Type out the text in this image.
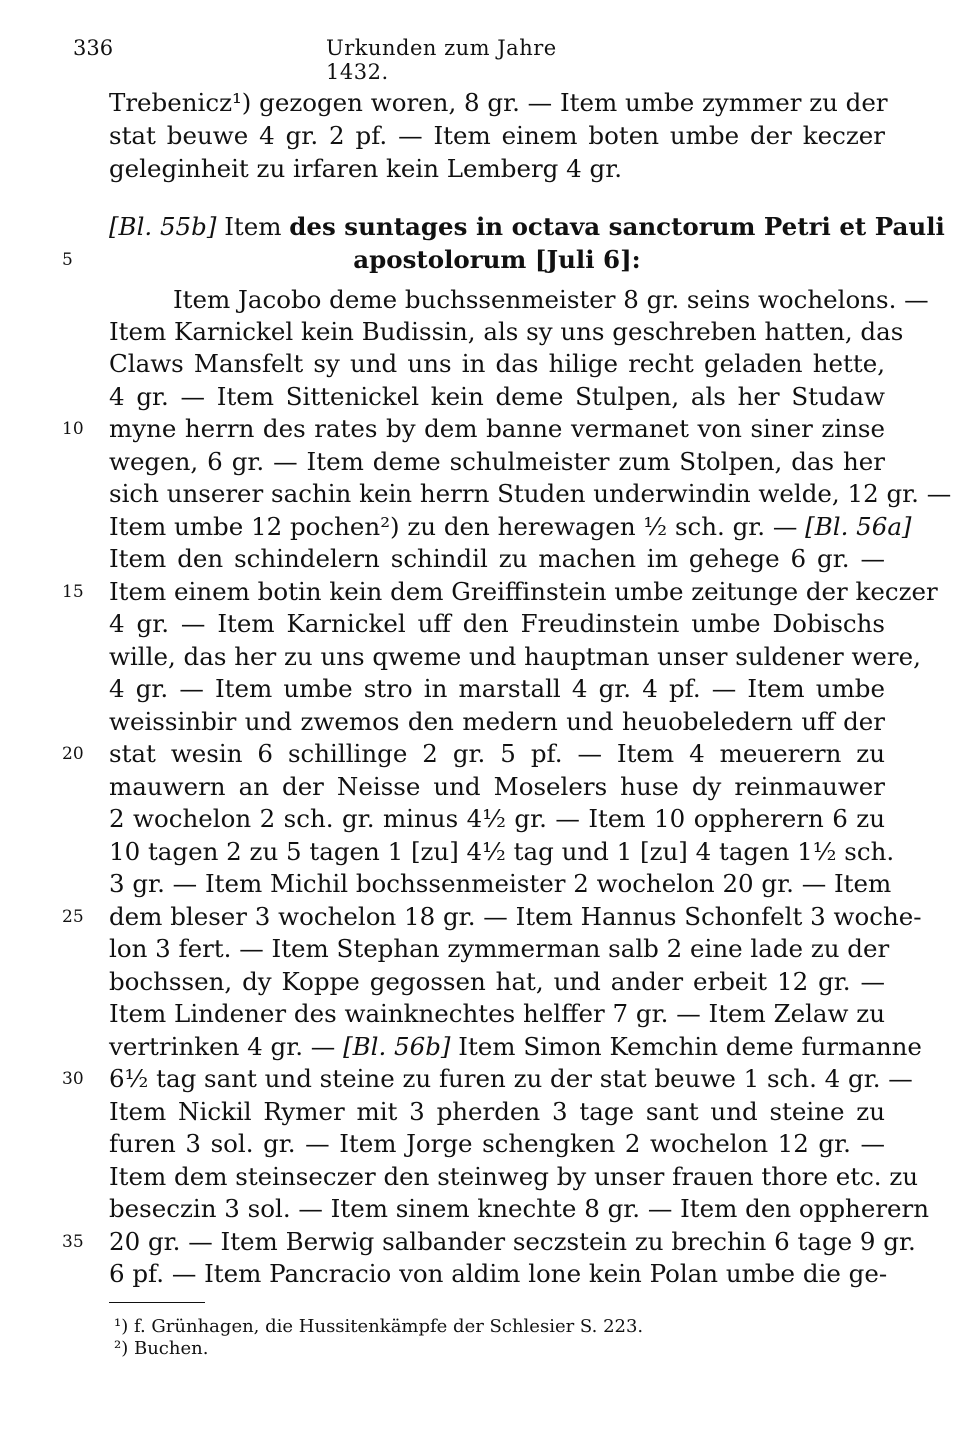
336	Urkunden zum Jahre 1432.
Trebenicz¹) gezogen woren, 8 gr. — Item umbe zymmer zu der
stat beuwe 4 gr. 2 pf. — Item einem boten umbe der keczer
geleginheit zu irfaren kein Lemberg 4 gr.
[Bl. 55b] Item des suntages in octava sanctorum Petri et Pauli
apostolorum [Juli 6]:
Item Jacobo deme buchssenmeister 8 gr. seins wochelons. —
Item Karnickel kein Budissin, als sy uns geschreben hatten, das
Claws Mansfelt sy und uns in das hilige recht geladen hette,
4 gr. — Item Sittenickel kein deme Stulpen, als her Studaw
myne herrn des rates by dem banne vermanet von siner zinse
wegen, 6 gr. — Item deme schulmeister zum Stolpen, das her
sich unserer sachin kein herrn Studen underwindin welde, 12 gr. —
Item umbe 12 pochen²) zu den herewagen ½ sch. gr. — [Bl. 56a]
Item den schindelern schindil zu machen im gehege 6 gr. —
Item einem botin kein dem Greiffinstein umbe zeitunge der keczer
4 gr. — Item Karnickel uff den Freudinstein umbe Dobischs
wille, das her zu uns qweme und hauptman unser suldener were,
4 gr. — Item umbe stro in marstall 4 gr. 4 pf. — Item umbe
weissinbir und zwemos den medern und heuobeledern uff der
stat wesin 6 schillinge 2 gr. 5 pf. — Item 4 meuerern zu
mauwern an der Neisse und Moselers huse dy reinmauwer
2 wochelon 2 sch. gr. minus 4½ gr. — Item 10 oppherern 6 zu
10 tagen 2 zu 5 tagen 1 [zu] 4½ tag und 1 [zu] 4 tagen 1½ sch.
3 gr. — Item Michil bochssenmeister 2 wochelon 20 gr. — Item
dem bleser 3 wochelon 18 gr. — Item Hannus Schonfelt 3 woche-
lon 3 fert. — Item Stephan zymmerman salb 2 eine lade zu der
bochssen, dy Koppe gegossen hat, und ander erbeit 12 gr. —
Item Lindener des wainknechtes helffer 7 gr. — Item Zelaw zu
vertrinken 4 gr. — [Bl. 56b] Item Simon Kemchin deme furmanne
6½ tag sant und steine zu furen zu der stat beuwe 1 sch. 4 gr. —
Item Nickil Rymer mit 3 pherden 3 tage sant und steine zu
furen 3 sol. gr. — Item Jorge schengken 2 wochelon 12 gr. —
Item dem steinseczer den steinweg by unser frauen thore etc. zu
beseczin 3 sol. — Item sinem knechte 8 gr. — Item den oppherern
20 gr. — Item Berwig salbander seczstein zu brechin 6 tage 9 gr.
6 pf. — Item Pancracio von aldim lone kein Polan umbe die ge-
5
10
15
20
25
30
35
¹) f. Grünhagen, die Hussitenkämpfe der Schlesier S. 223.
²) Buchen.
